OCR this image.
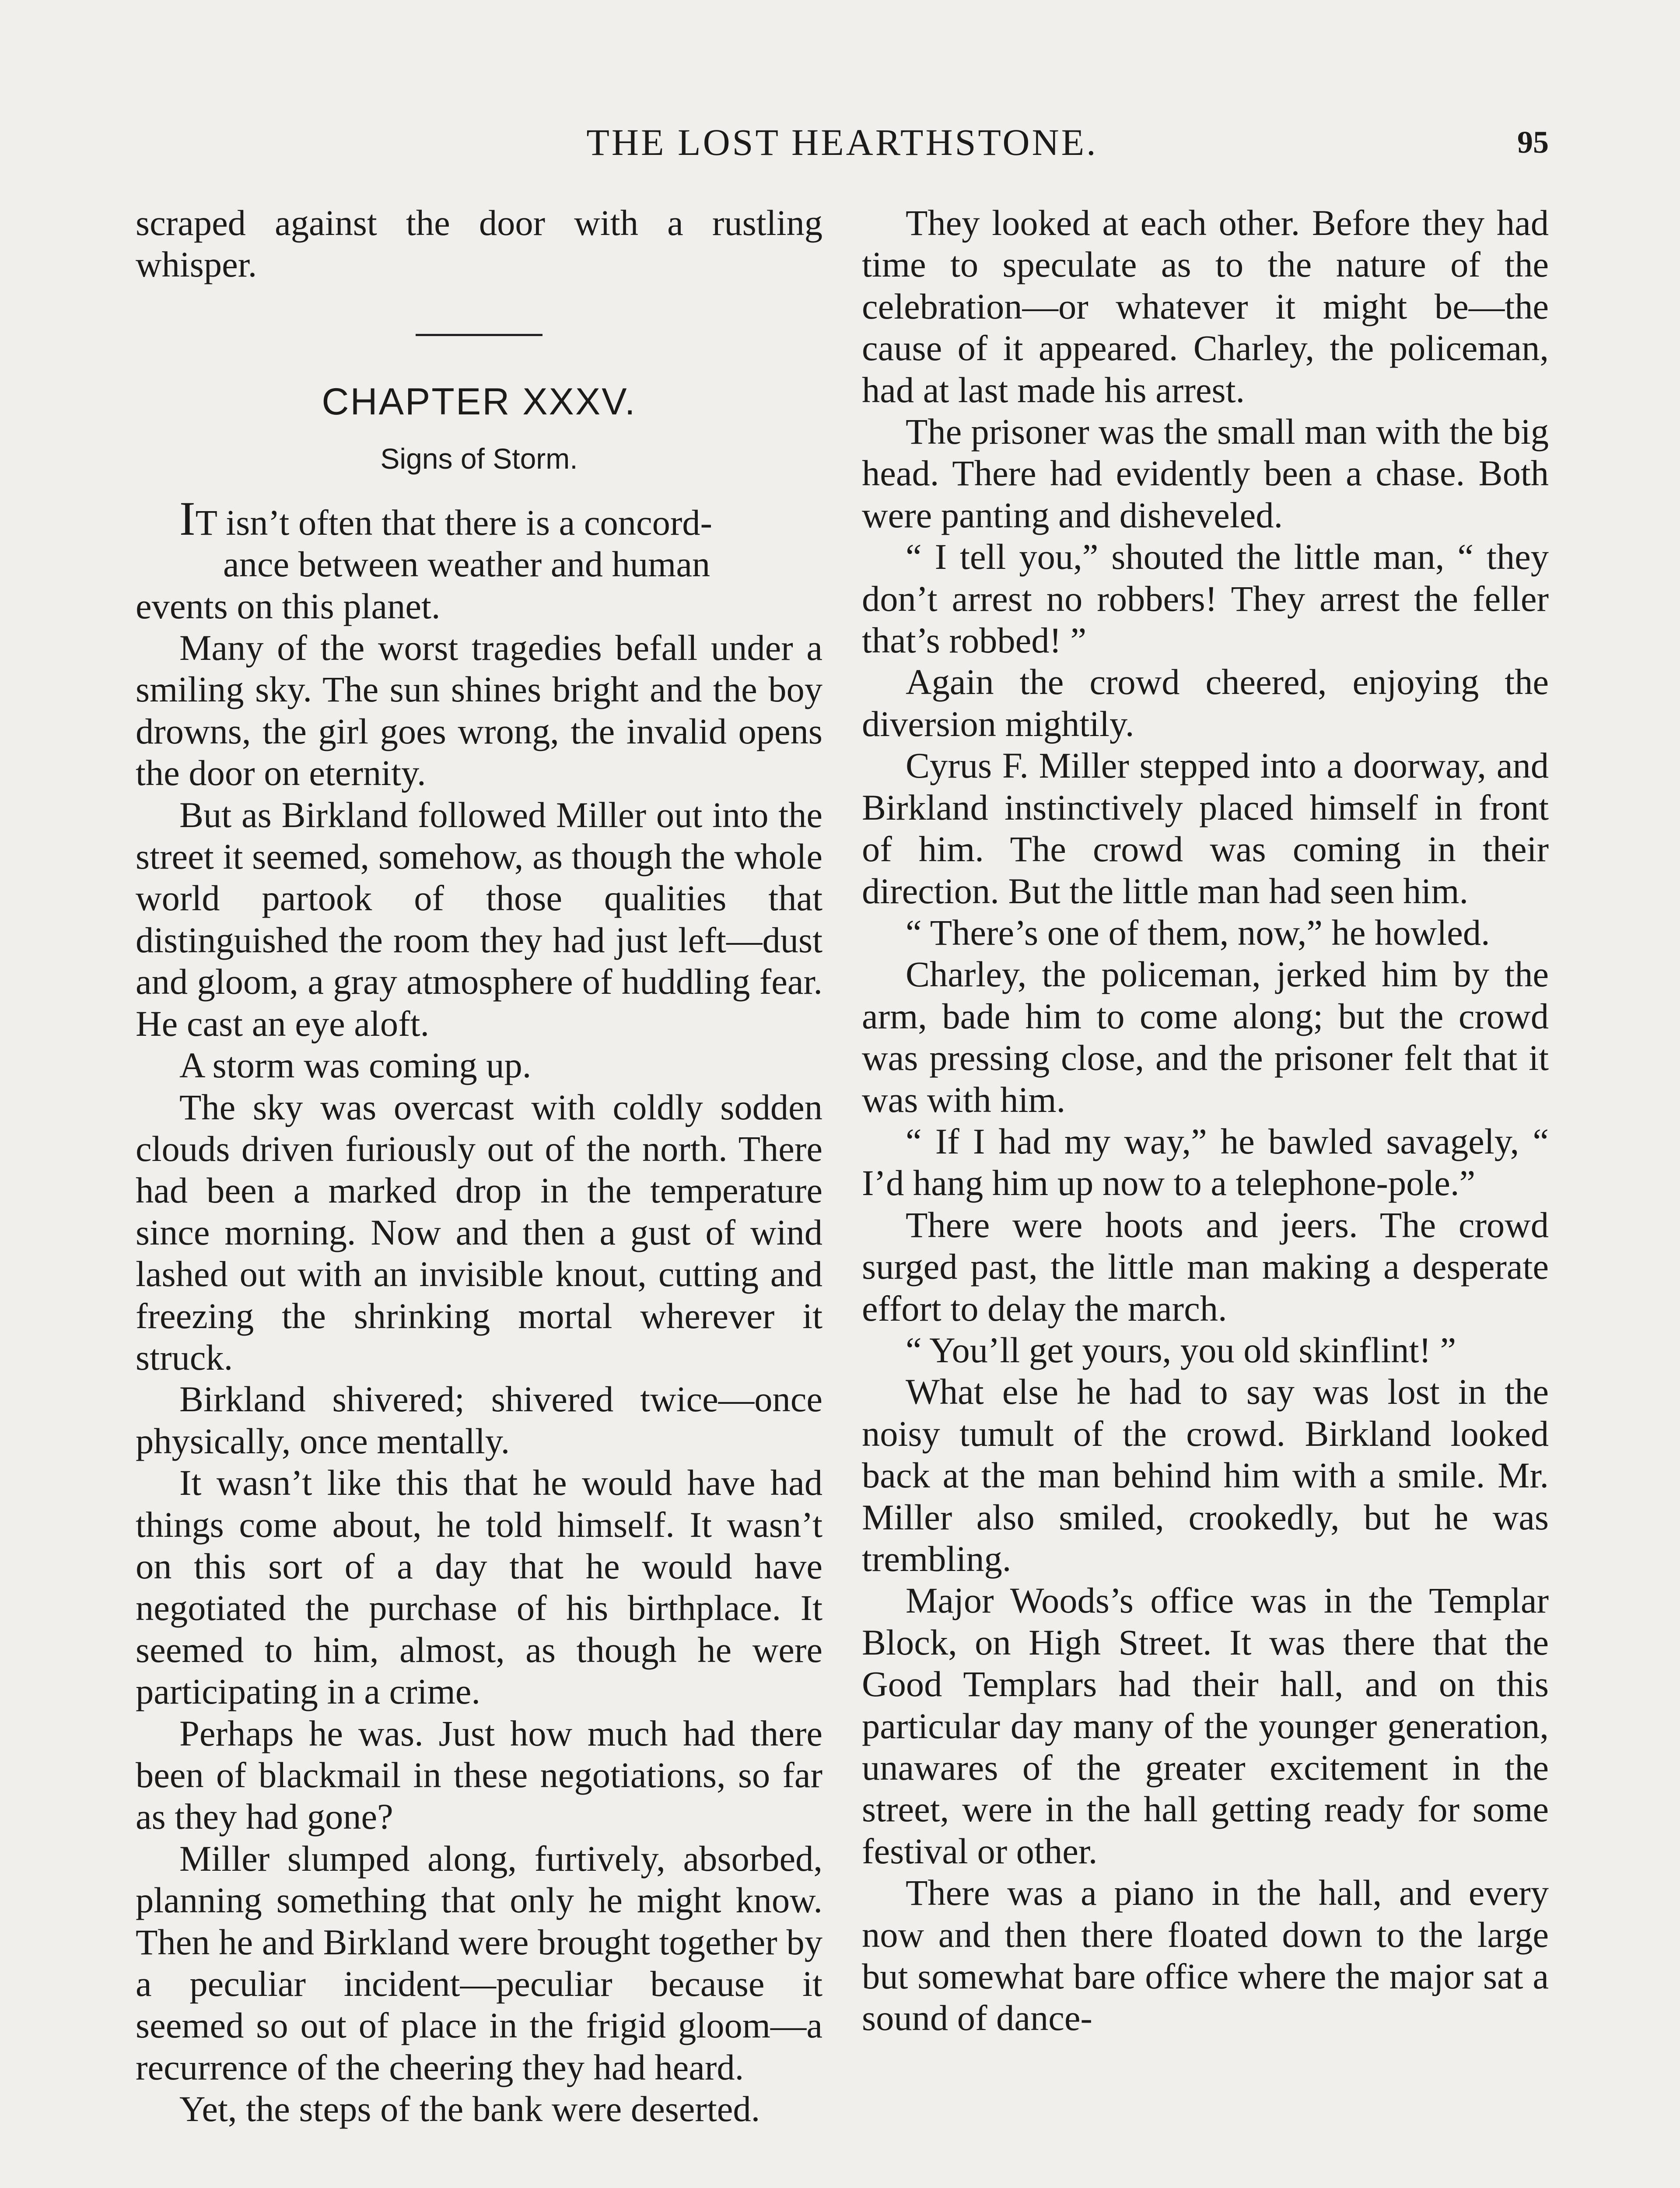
THE LOST HEARTHSTONE.	95

scraped against the door with a rustling whisper.

CHAPTER XXXV.
Signs of Storm.

IT isn’t often that there is a concord-
ance between weather and human
events on this planet.

Many of the worst tragedies befall under a smiling sky. The sun shines bright and the boy drowns, the girl goes wrong, the invalid opens the door on eternity.

But as Birkland followed Miller out into the street it seemed, somehow, as though the whole world partook of those qualities that distinguished the room they had just left—dust and gloom, a gray atmosphere of huddling fear. He cast an eye aloft.

A storm was coming up.

The sky was overcast with coldly sodden clouds driven furiously out of the north. There had been a marked drop in the temperature since morning. Now and then a gust of wind lashed out with an invisible knout, cutting and freezing the shrinking mortal wherever it struck.

Birkland shivered; shivered twice—once physically, once mentally.

It wasn’t like this that he would have had things come about, he told himself. It wasn’t on this sort of a day that he would have negotiated the purchase of his birthplace. It seemed to him, almost, as though he were participating in a crime.

Perhaps he was. Just how much had there been of blackmail in these negotiations, so far as they had gone?

Miller slumped along, furtively, absorbed, planning something that only he might know. Then he and Birkland were brought together by a peculiar incident—peculiar because it seemed so out of place in the frigid gloom—a recurrence of the cheering they had heard.

Yet, the steps of the bank were deserted.

They looked at each other. Before they had time to speculate as to the nature of the celebration—or whatever it might be—the cause of it appeared. Charley, the policeman, had at last made his arrest.

The prisoner was the small man with the big head. There had evidently been a chase. Both were panting and disheveled.

“ I tell you,” shouted the little man, “ they don’t arrest no robbers! They arrest the feller that’s robbed! ”

Again the crowd cheered, enjoying the diversion mightily.

Cyrus F. Miller stepped into a doorway, and Birkland instinctively placed himself in front of him. The crowd was coming in their direction. But the little man had seen him.

“ There’s one of them, now,” he howled.

Charley, the policeman, jerked him by the arm, bade him to come along; but the crowd was pressing close, and the prisoner felt that it was with him.

“ If I had my way,” he bawled savagely, “ I’d hang him up now to a telephone-pole.”

There were hoots and jeers. The crowd surged past, the little man making a desperate effort to delay the march.

“ You’ll get yours, you old skinflint! ”

What else he had to say was lost in the noisy tumult of the crowd. Birkland looked back at the man behind him with a smile. Mr. Miller also smiled, crookedly, but he was trembling.

Major Woods’s office was in the Templar Block, on High Street. It was there that the Good Templars had their hall, and on this particular day many of the younger generation, unawares of the greater excitement in the street, were in the hall getting ready for some festival or other.

There was a piano in the hall, and every now and then there floated down to the large but somewhat bare office where the major sat a sound of dance-
